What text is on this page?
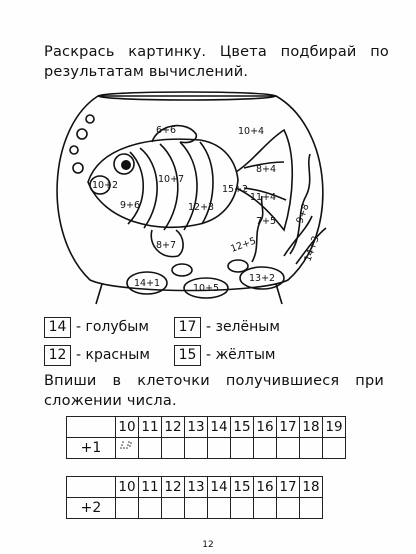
Раскрась картинку. Цвета подбирай по результатам вычислений.
6+6	10+4
10+2
9+6
10+7
12+3
15+2
8+4
11+4
7+5 9+8
12+5	14+3
8+7
14+1	10+5
13+2
14 - голубым	17 - зелёным
12 - красным	15 - жёлтым
Впиши в клеточки получившиеся при сложении числа.
	10	11	12	13	14	15	16	17	18	19
+1										
	10	11	12	13	14	15	16	17	18
+2									
12
